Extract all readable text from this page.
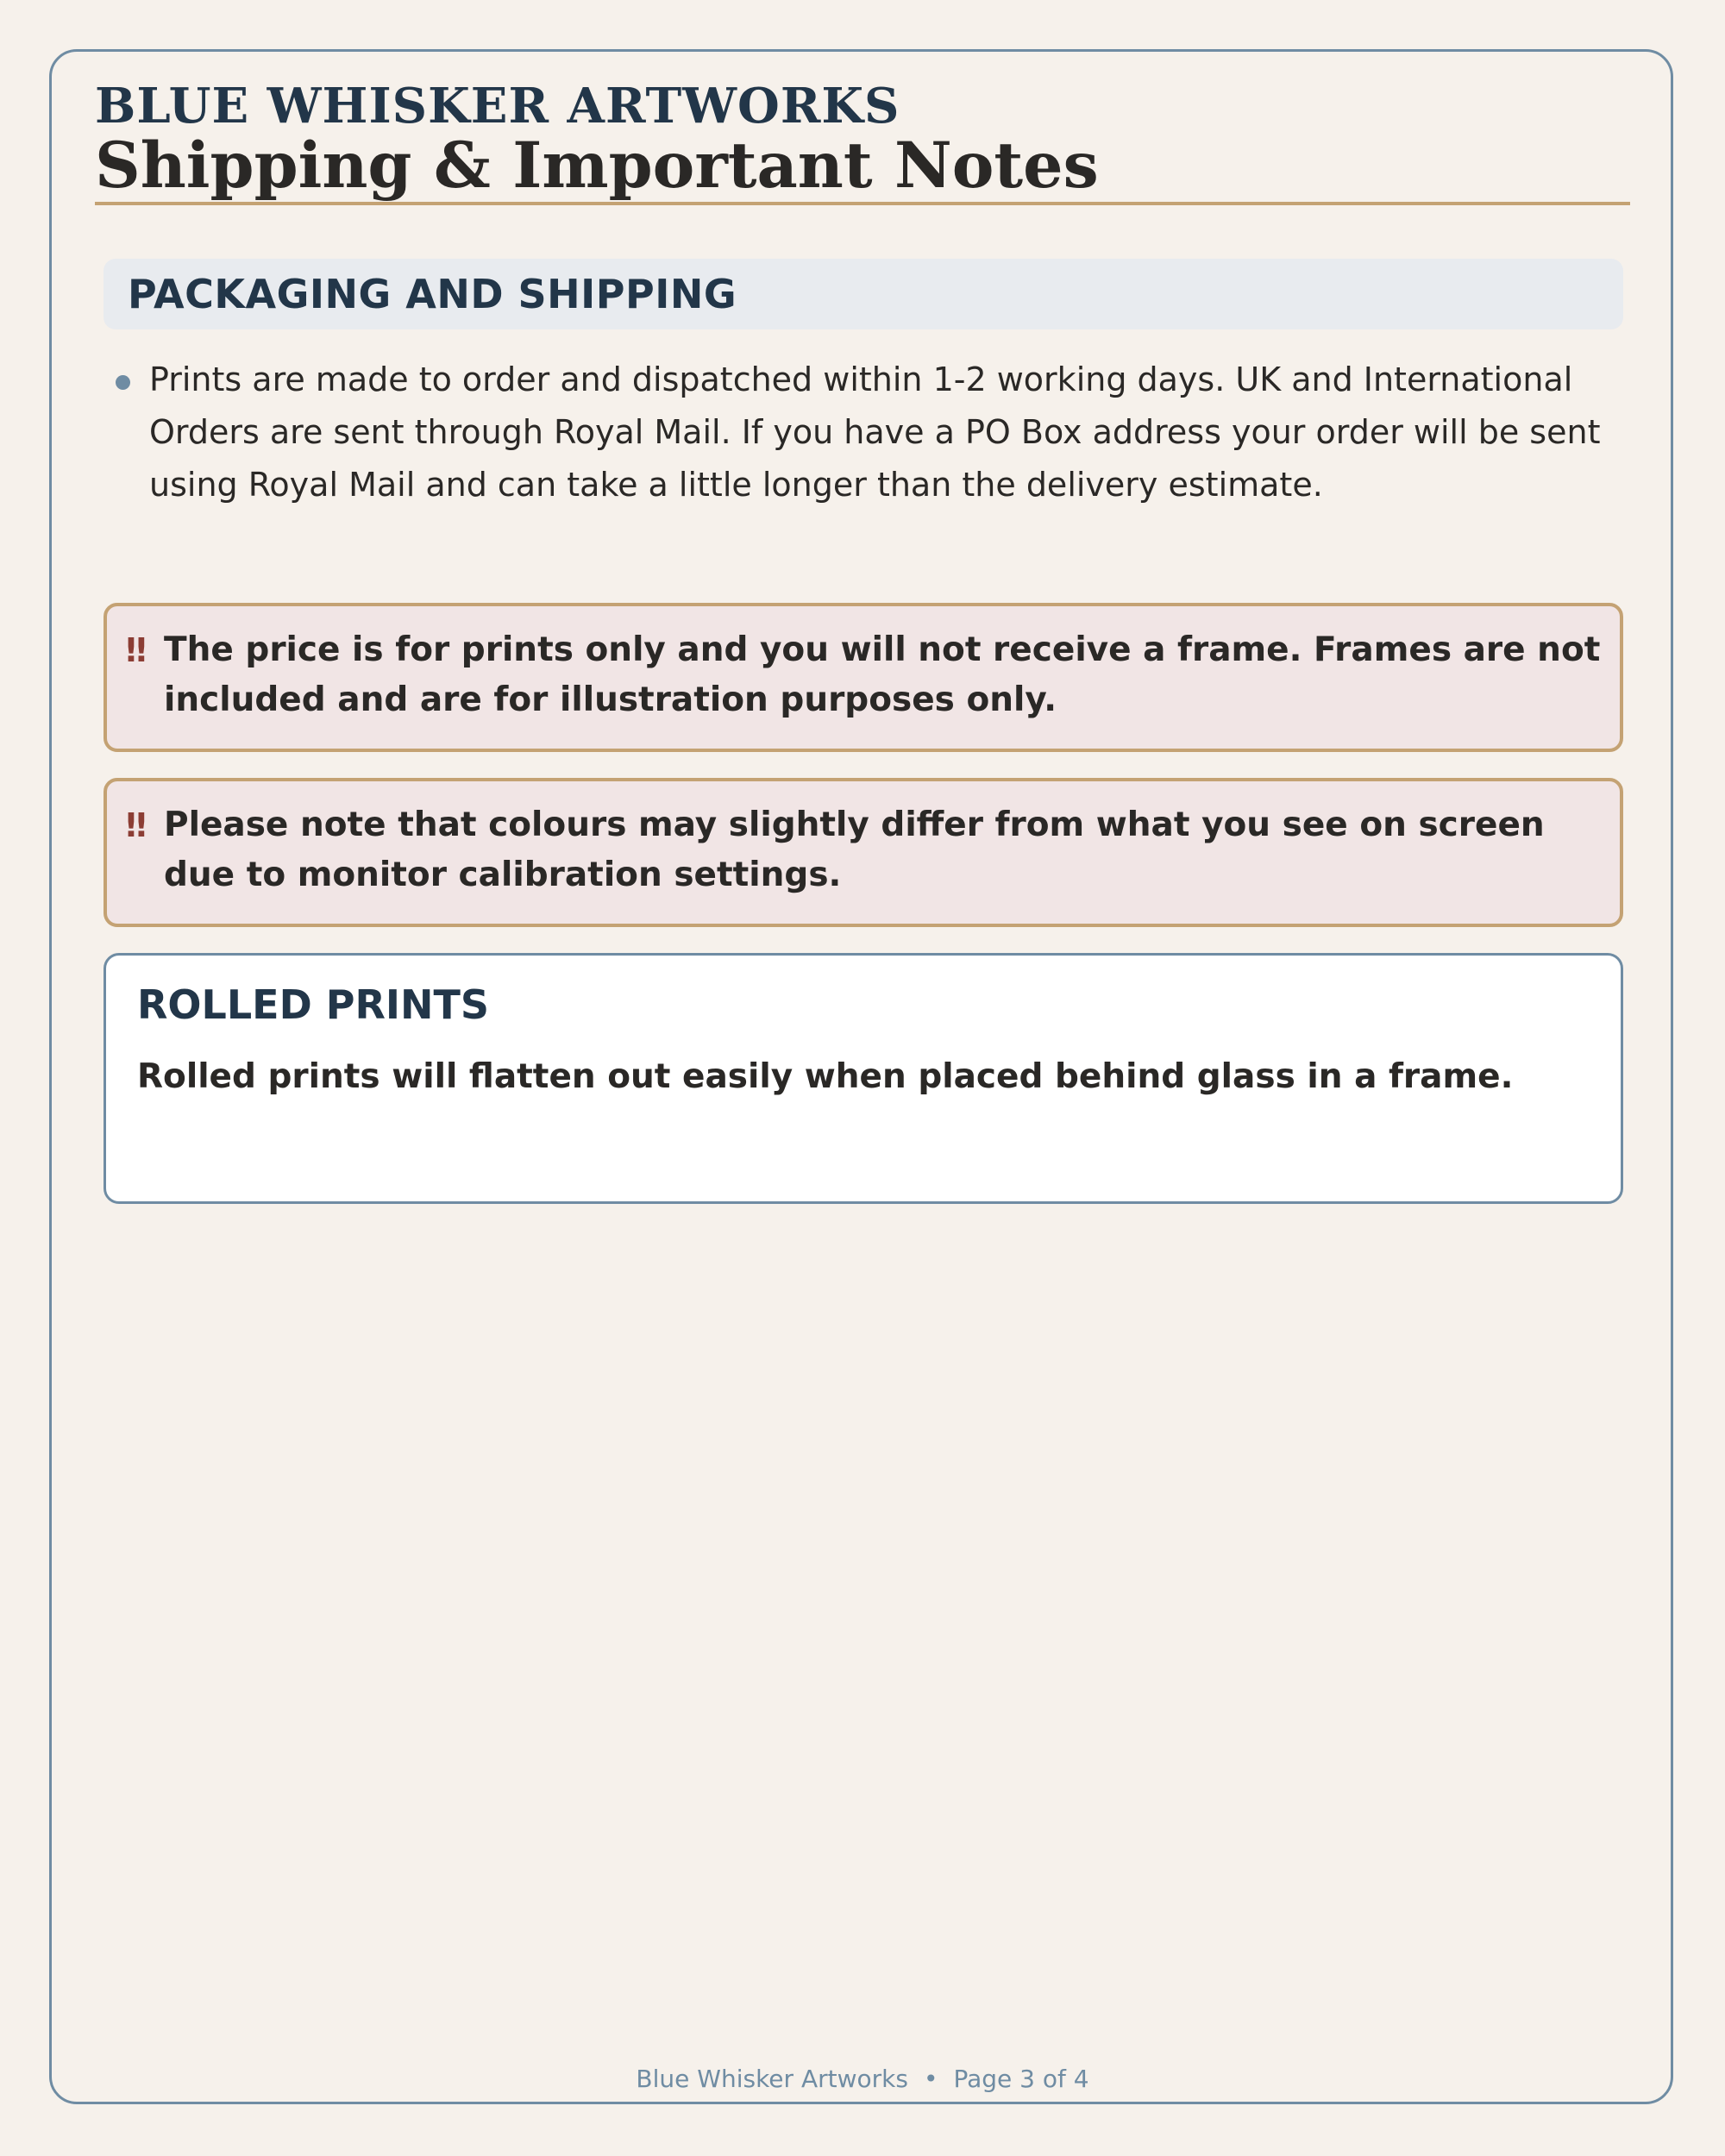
BLUE WHISKER ARTWORKS
Shipping & Important Notes
PACKAGING AND SHIPPING
Prints are made to order and dispatched within 1-2 working days. UK and International Orders are sent through Royal Mail. If you have a PO Box address your order will be sent using Royal Mail and can take a little longer than the delivery estimate.
‼ The price is for prints only and you will not receive a frame. Frames are not included and are for illustration purposes only.
‼ Please note that colours may slightly differ from what you see on screen due to monitor calibration settings.
ROLLED PRINTS
Rolled prints will flatten out easily when placed behind glass in a frame.
Blue Whisker Artworks • Page 3 of 4
